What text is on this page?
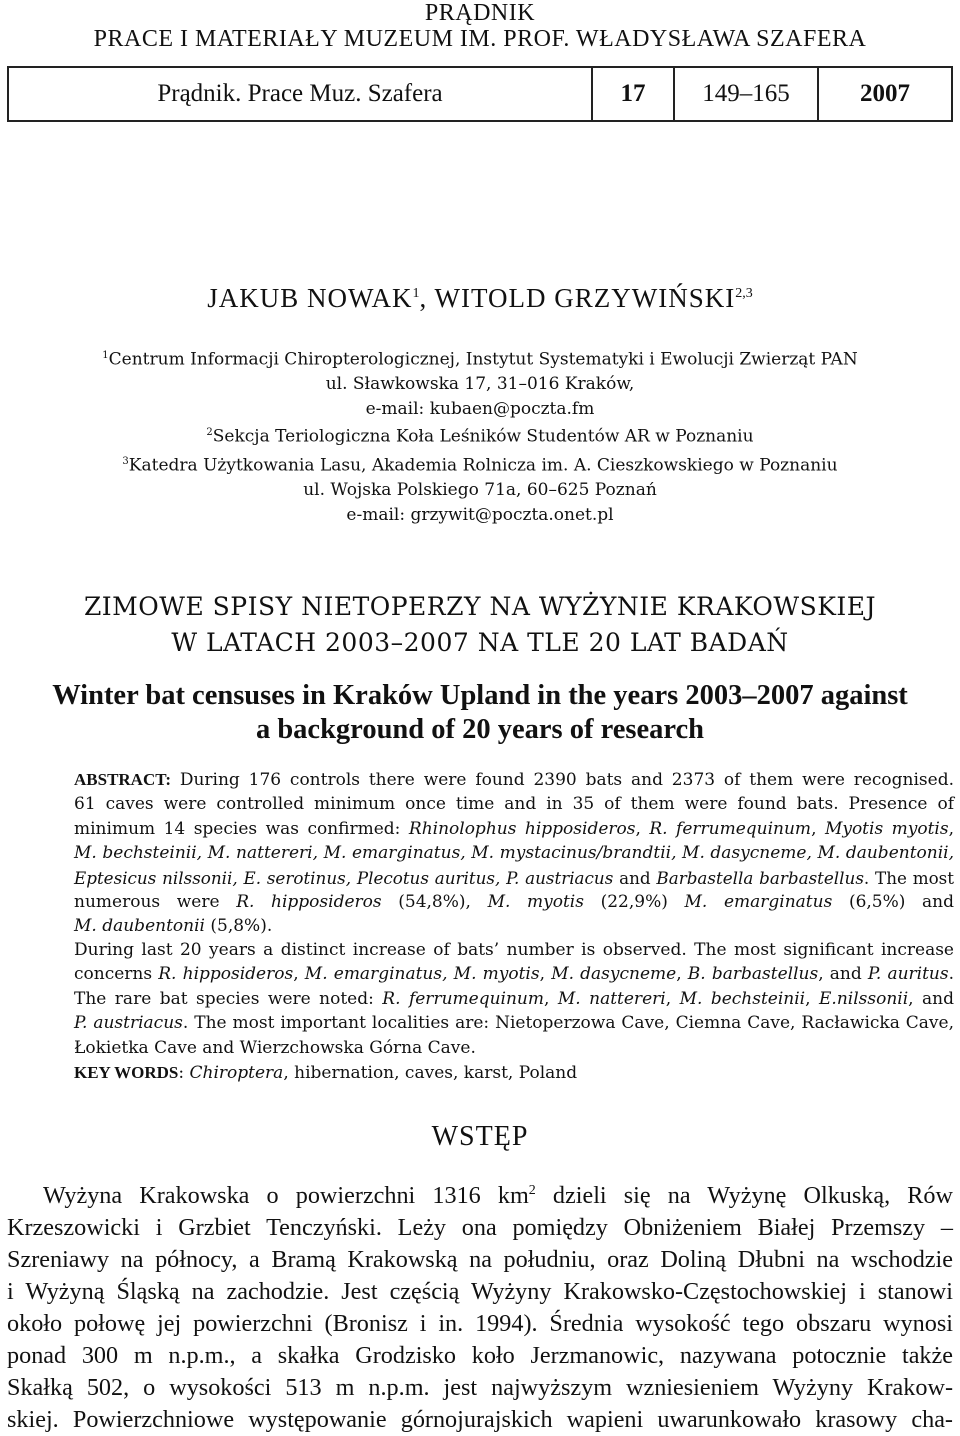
PRĄDNIK
PRACE I MATERIAŁY MUZEUM IM. PROF. WŁADYSŁAWA SZAFERA
Prądnik. Prace Muz. Szafera	17	149–165	2007
JAKUB NOWAK$^1$, WITOLD GRZYWIŃSKI$^{2,3}$
$^1$Centrum Informacji Chiropterologicznej, Instytut Systematyki i Ewolucji Zwierząt PAN
ul. Sławkowska 17, 31–016 Kraków,
e-mail: kubaen@poczta.fm
$^2$Sekcja Teriologiczna Koła Leśników Studentów AR w Poznaniu
$^3$Katedra Użytkowania Lasu, Akademia Rolnicza im. A. Cieszkowskiego w Poznaniu
ul. Wojska Polskiego 71a, 60–625 Poznań
e-mail: grzywit@poczta.onet.pl
ZIMOWE SPISY NIETOPERZY NA WYŻYNIE KRAKOWSKIEJ
W LATACH 2003–2007 NA TLE 20 LAT BADAŃ
Winter bat censuses in Kraków Upland in the years 2003–2007 against
a background of 20 years of research
ABSTRACT: During 176 controls there were found 2390 bats and 2373 of them were recognised.
61 caves were controlled minimum once time and in 35 of them were found bats. Presence of
minimum 14 species was confirmed: Rhinolophus hipposideros, R. ferrumequinum, Myotis myotis,
M. bechsteinii, M. nattereri, M. emarginatus, M. mystacinus/brandtii, M. dasycneme, M. daubentonii,
Eptesicus nilssonii, E. serotinus, Plecotus auritus, P. austriacus and Barbastella barbastellus. The most
numerous were R. hipposideros (54,8%), M. myotis (22,9%) M. emarginatus (6,5%) and
M. daubentonii (5,8%).
During last 20 years a distinct increase of bats’ number is observed. The most significant increase
concerns R. hipposideros, M. emarginatus, M. myotis, M. dasycneme, B. barbastellus, and P. auritus.
The rare bat species were noted: R. ferrumequinum, M. nattereri, M. bechsteinii, E.nilssonii, and
P. austriacus. The most important localities are: Nietoperzowa Cave, Ciemna Cave, Racławicka Cave,
Łokietka Cave and Wierzchowska Górna Cave.
KEY WORDS: Chiroptera, hibernation, caves, karst, Poland
WSTĘP
Wyżyna Krakowska o powierzchni 1316 $km^2$ dzieli się na Wyżynę Olkuską, Rów
Krzeszowicki i Grzbiet Tenczyński. Leży ona pomiędzy Obniżeniem Białej Przemszy –
Szreniawy na północy, a Bramą Krakowską na południu, oraz Doliną Dłubni na wschodzie
i Wyżyną Śląską na zachodzie. Jest częścią Wyżyny Krakowsko-Częstochowskiej i stanowi
około połowę jej powierzchni (Bronisz i in. 1994). Średnia wysokość tego obszaru wynosi
ponad 300 m n.p.m., a skałka Grodzisko koło Jerzmanowic, nazywana potocznie także
Skałką 502, o wysokości 513 m n.p.m. jest najwyższym wzniesieniem Wyżyny Krakow-
skiej. Powierzchniowe występowanie górnojurajskich wapieni uwarunkowało krasowy cha-
